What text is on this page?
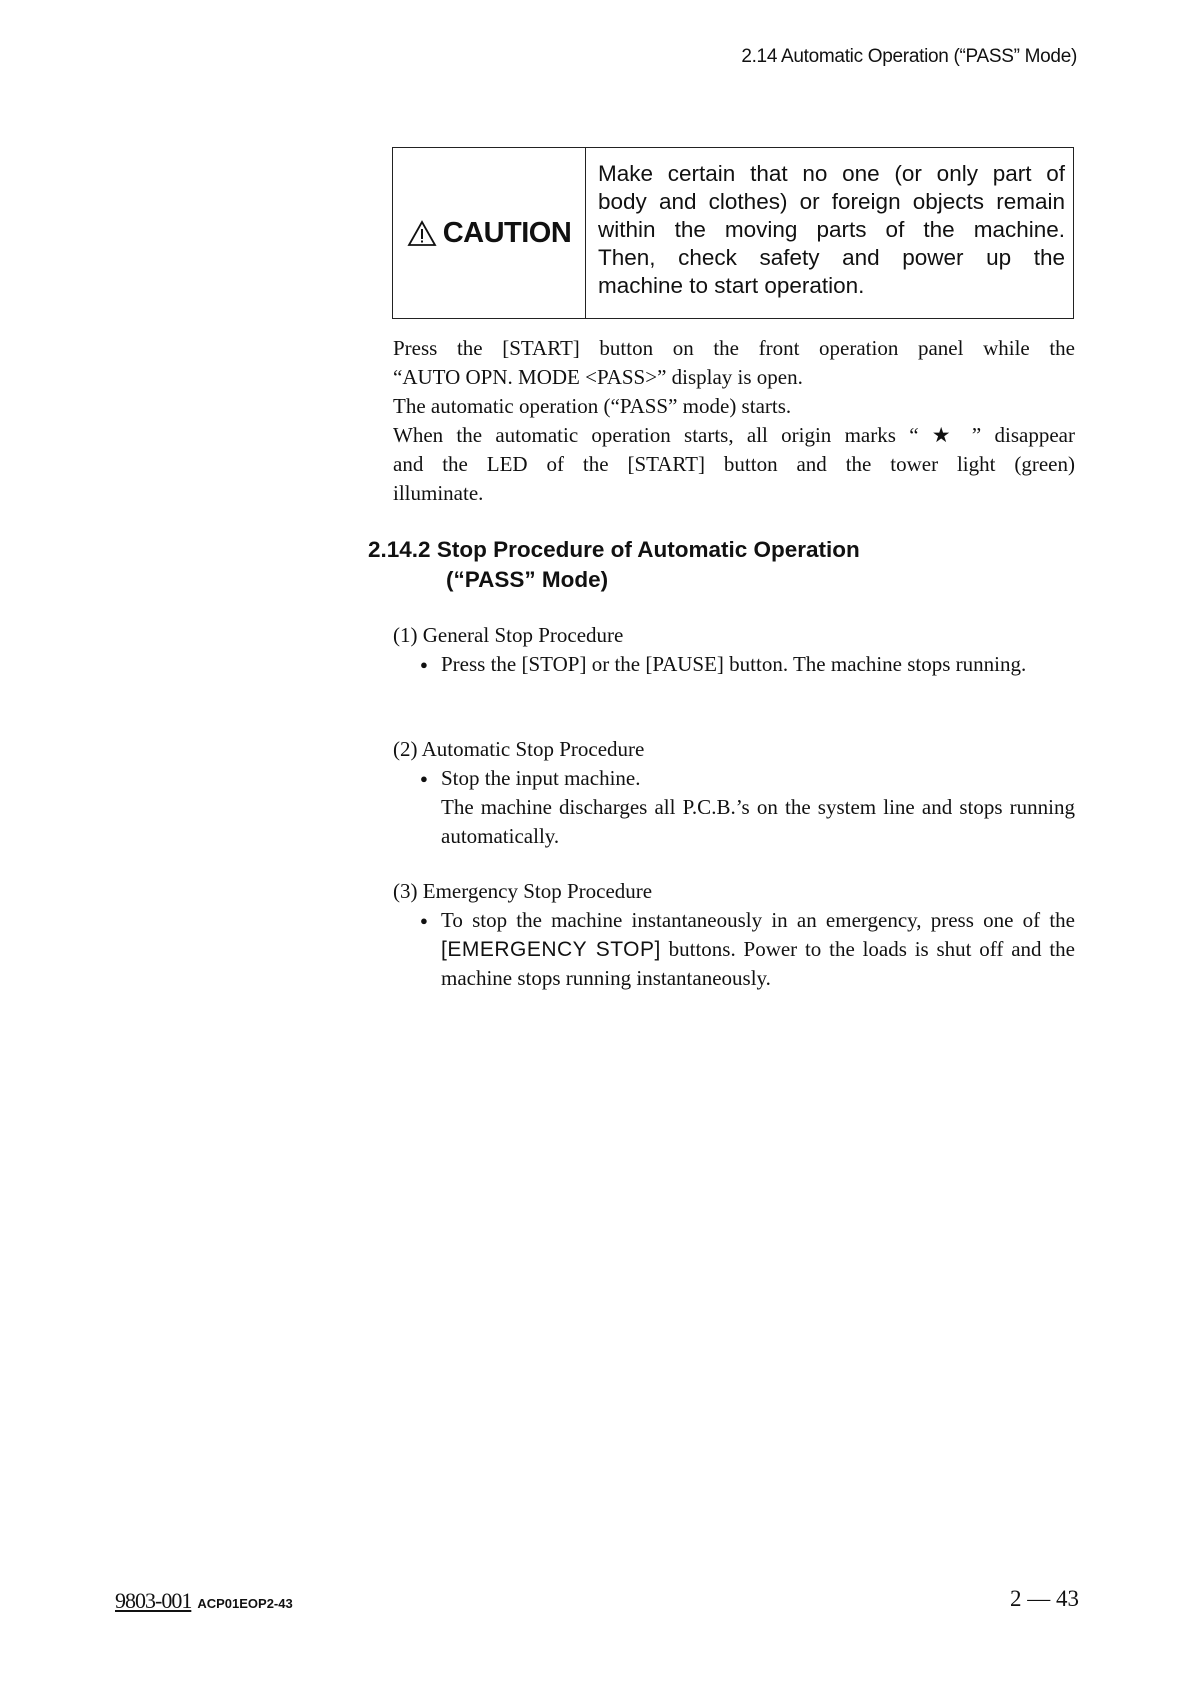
2.14 Automatic Operation (“PASS” Mode)
CAUTION
Make certain that no one (or only part of
body and clothes) or foreign objects remain
within the moving parts of the machine.
Then, check safety and power up the
machine to start operation.
Press the [START] button on the front operation panel while the
“AUTO OPN. MODE <PASS>” display is open.
The automatic operation (“PASS” mode) starts.
When the automatic operation starts, all origin marks “ ★ ” disappear
and the LED of the [START] button and the tower light (green)
illuminate.
2.14.2 Stop Procedure of Automatic Operation
(“PASS” Mode)
(1) General Stop Procedure
● Press the [STOP] or the [PAUSE] button. The machine stops running.
(2) Automatic Stop Procedure
● Stop the input machine.
The machine discharges all P.C.B.’s on the system line and stops running automatically.
(3) Emergency Stop Procedure
● To stop the machine instantaneously in an emergency, press one of the [EMERGENCY STOP] buttons. Power to the loads is shut off and the machine stops running instantaneously.
9803-001 ACP01EOP2-43	2 — 43
